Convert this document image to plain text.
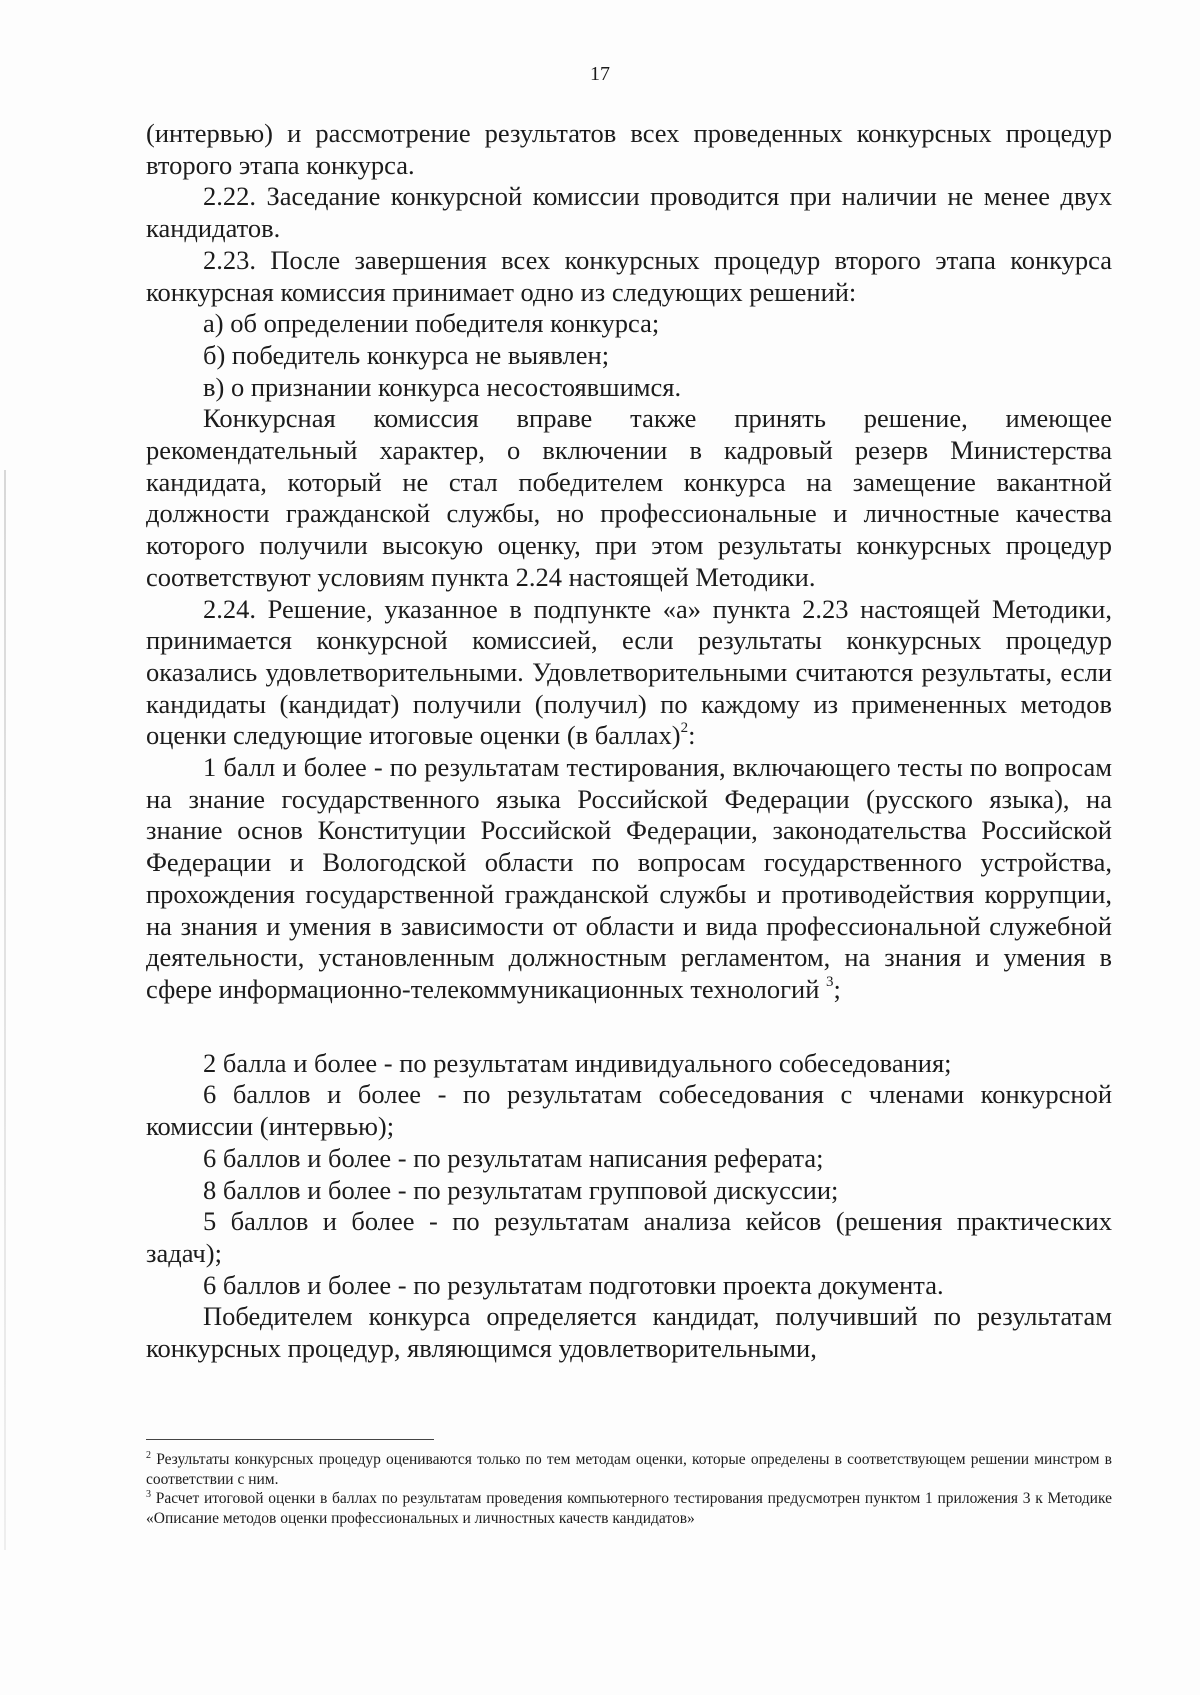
17

(интервью) и рассмотрение результатов всех проведенных конкурсных процедур второго этапа конкурса.

2.22. Заседание конкурсной комиссии проводится при наличии не менее двух кандидатов.

2.23. После завершения всех конкурсных процедур второго этапа конкурса конкурсная комиссия принимает одно из следующих решений:

а) об определении победителя конкурса;

б) победитель конкурса не выявлен;

в) о признании конкурса несостоявшимся.

Конкурсная комиссия вправе также принять решение, имеющее рекомендательный характер, о включении в кадровый резерв Министерства кандидата, который не стал победителем конкурса на замещение вакантной должности гражданской службы, но профессиональные и личностные качества которого получили высокую оценку, при этом результаты конкурсных процедур соответствуют условиям пункта 2.24 настоящей Методики.

2.24. Решение, указанное в подпункте «а» пункта 2.23 настоящей Методики, принимается конкурсной комиссией, если результаты конкурсных процедур оказались удовлетворительными. Удовлетворительными считаются результаты, если кандидаты (кандидат) получили (получил) по каждому из примененных методов оценки следующие итоговые оценки (в баллах)$^2$:

1 балл и более - по результатам тестирования, включающего тесты по вопросам на знание государственного языка Российской Федерации (русского языка), на знание основ Конституции Российской Федерации, законодательства Российской Федерации и Вологодской области по вопросам государственного устройства, прохождения государственной гражданской службы и противодействия коррупции, на знания и умения в зависимости от области и вида профессиональной служебной деятельности, установленным должностным регламентом, на знания и умения в сфере информационно-телекоммуникационных технологий $^3$;

2 балла и более - по результатам индивидуального собеседования;

6 баллов и более - по результатам собеседования с членами конкурсной комиссии (интервью);

6 баллов и более - по результатам написания реферата;

8 баллов и более - по результатам групповой дискуссии;

5 баллов и более - по результатам анализа кейсов (решения практических задач);

6 баллов и более - по результатам подготовки проекта документа.

Победителем конкурса определяется кандидат, получивший по результатам конкурсных процедур, являющимся удовлетворительными,

$^2$ Результаты конкурсных процедур оцениваются только по тем методам оценки, которые определены в соответствующем решении минстром в соответствии с ним.

$^3$ Расчет итоговой оценки в баллах по результатам проведения компьютерного тестирования предусмотрен пунктом 1 приложения 3 к Методике «Описание методов оценки профессиональных и личностных качеств кандидатов»
